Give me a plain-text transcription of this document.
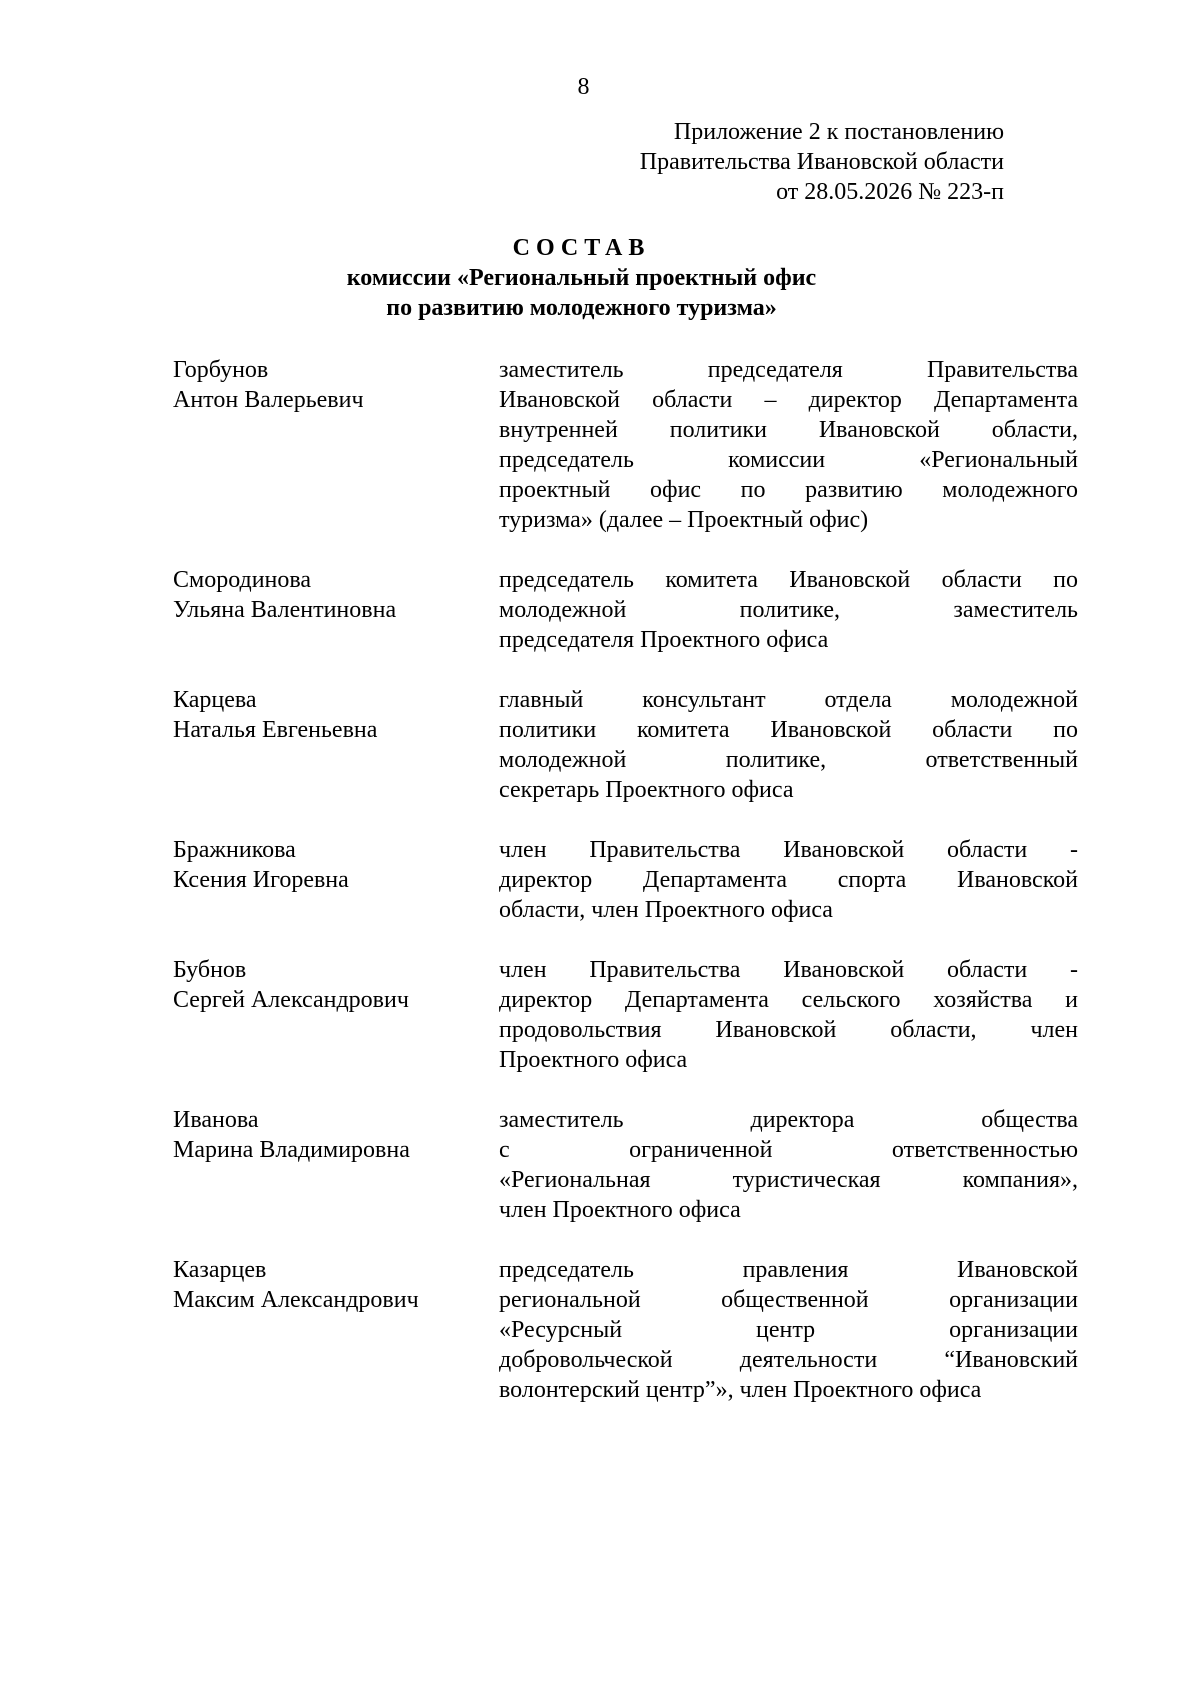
8
Приложение 2 к постановлению
Правительства Ивановской области
от 28.05.2026 № 223-п
СОСТАВ
комиссии «Региональный проектный офис
по развитию молодежного туризма»
Горбунов
Антон Валерьевич
заместитель председателя Правительства
Ивановской области – директор Департамента
внутренней политики Ивановской области,
председатель комиссии «Региональный
проектный офис по развитию молодежного
туризма» (далее – Проектный офис)
Смородинова
Ульяна Валентиновна
председатель комитета Ивановской области по
молодежной политике, заместитель
председателя Проектного офиса
Карцева
Наталья Евгеньевна
главный консультант отдела молодежной
политики комитета Ивановской области по
молодежной политике, ответственный
секретарь Проектного офиса
Бражникова
Ксения Игоревна
член Правительства Ивановской области -
директор Департамента спорта Ивановской
области, член Проектного офиса
Бубнов
Сергей Александрович
член Правительства Ивановской области -
директор Департамента сельского хозяйства и
продовольствия Ивановской области, член
Проектного офиса
Иванова
Марина Владимировна
заместитель директора общества
с ограниченной ответственностью
«Региональная туристическая компания»,
член Проектного офиса
Казарцев
Максим Александрович
председатель правления Ивановской
региональной общественной организации
«Ресурсный центр организации
добровольческой деятельности “Ивановский
волонтерский центр”», член Проектного офиса
